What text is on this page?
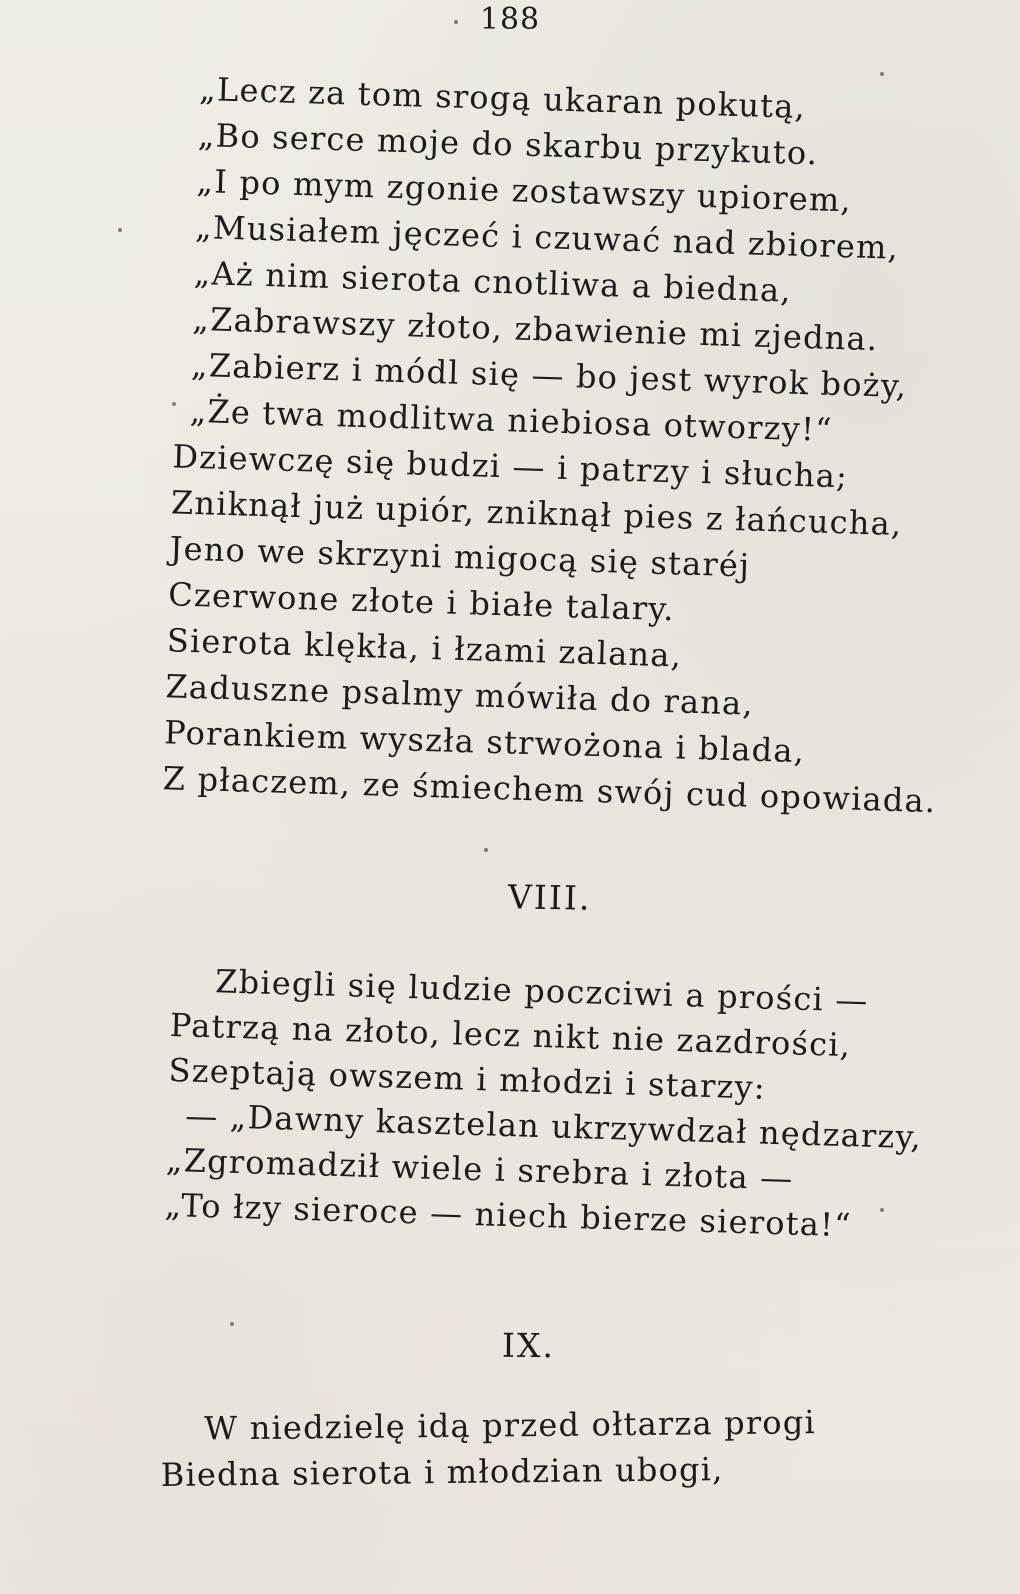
188
„Lecz za tom srogą ukaran pokutą,
„Bo serce moje do skarbu przykuto.
„I po mym zgonie zostawszy upiorem,
„Musiałem jęczeć i czuwać nad zbiorem,
„Aż nim sierota cnotliwa a biedna,
„Zabrawszy złoto, zbawienie mi zjedna.
„Zabierz i módl się — bo jest wyrok boży,
„Że twa modlitwa niebiosa otworzy!“
Dziewczę się budzi — i patrzy i słucha;
Zniknął już upiór, zniknął pies z łańcucha,
Jeno we skrzyni migocą się staréj
Czerwone złote i białe talary.
Sierota klękła, i łzami zalana,
Zaduszne psalmy mówiła do rana,
Porankiem wyszła strwożona i blada,
Z płaczem, ze śmiechem swój cud opowiada.
VIII.
Zbiegli się ludzie poczciwi a prości —
Patrzą na złoto, lecz nikt nie zazdrości,
Szeptają owszem i młodzi i starzy:
— „Dawny kasztelan ukrzywdzał nędzarzy,
„Zgromadził wiele i srebra i złota —
„To łzy sieroce — niech bierze sierota!“
IX.
W niedzielę idą przed ołtarza progi
Biedna sierota i młodzian ubogi,
